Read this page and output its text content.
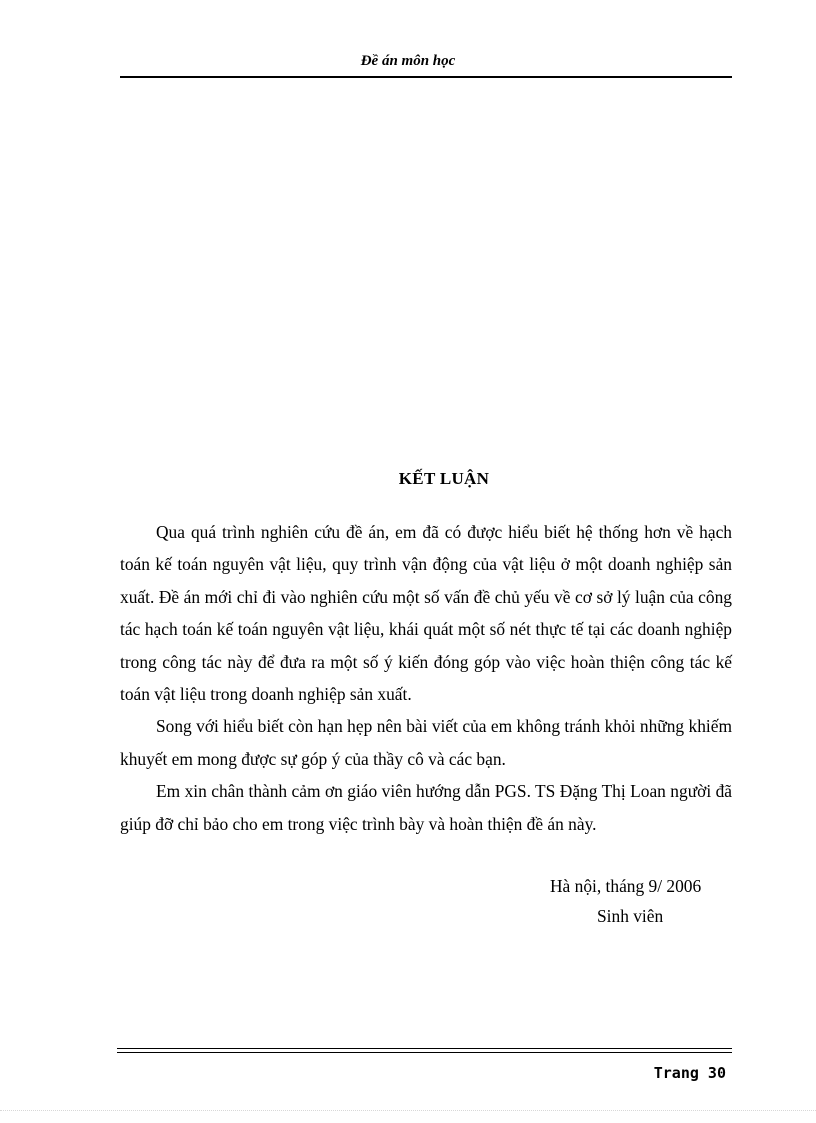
Đề án môn học
KẾT LUẬN

Qua quá trình nghiên cứu đề án, em đã có được hiểu biết hệ thống hơn về hạch toán kế toán nguyên vật liệu, quy trình vận động của vật liệu ở một doanh nghiệp sản xuất. Đề án mới chỉ đi vào nghiên cứu một số vấn đề chủ yếu về cơ sở lý luận của công tác hạch toán kế toán nguyên vật liệu, khái quát một số nét thực tế tại các doanh nghiệp trong công tác này để đưa ra một số ý kiến đóng góp vào việc hoàn thiện công tác kế toán vật liệu trong doanh nghiệp sản xuất.

Song với hiểu biết còn hạn hẹp nên bài viết của em không tránh khỏi những khiếm khuyết em mong được sự góp ý của thầy cô và các bạn.

Em xin chân thành cảm ơn giáo viên hướng dẫn PGS. TS Đặng Thị Loan người đã giúp đỡ chỉ bảo cho em trong việc trình bày và hoàn thiện đề án này.

Hà nội, tháng 9/ 2006
Sinh viên
Trang 30
